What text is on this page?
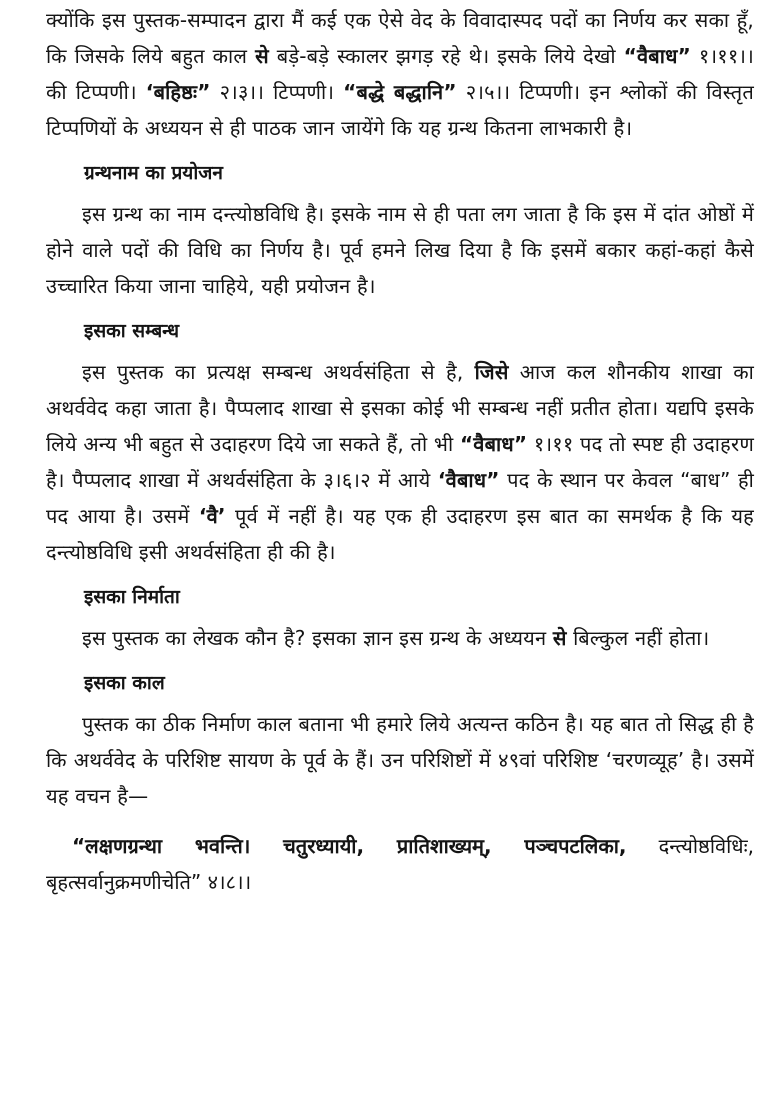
क्योंकि इस पुस्तक-सम्पादन द्वारा मैं कई एक ऐसे वेद के विवादास्पद पदों का निर्णय कर सका हूँ, कि जिसके लिये बहुत काल से बड़े-बड़े स्कालर झगड़ रहे थे। इसके लिये देखो “वैबाध” १।११।। की टिप्पणी। ‘बहिष्ठः” २।३।। टिप्पणी। “बद्धे बद्धानि” २।५।। टिप्पणी। इन श्लोकों की विस्तृत टिप्पणियों के अध्ययन से ही पाठक जान जायेंगे कि यह ग्रन्थ कितना लाभकारी है।

ग्रन्थनाम का प्रयोजन

इस ग्रन्थ का नाम दन्त्योष्ठविधि है। इसके नाम से ही पता लग जाता है कि इस में दांत ओष्ठों में होने वाले पदों की विधि का निर्णय है। पूर्व हमने लिख दिया है कि इसमें बकार कहां-कहां कैसे उच्चारित किया जाना चाहिये, यही प्रयोजन है।

इसका सम्बन्ध

इस पुस्तक का प्रत्यक्ष सम्बन्ध अथर्वसंहिता से है, जिसे आज कल शौनकीय शाखा का अथर्ववेद कहा जाता है। पैप्पलाद शाखा से इसका कोई भी सम्बन्ध नहीं प्रतीत होता। यद्यपि इसके लिये अन्य भी बहुत से उदाहरण दिये जा सकते हैं, तो भी “वैबाध” १।११ पद तो स्पष्ट ही उदाहरण है। पैप्पलाद शाखा में अथर्वसंहिता के ३।६।२ में आये ‘वैबाध” पद के स्थान पर केवल “बाध” ही पद आया है। उसमें ‘वै’ पूर्व में नहीं है। यह एक ही उदाहरण इस बात का समर्थक है कि यह दन्त्योष्ठविधि इसी अथर्वसंहिता ही की है।

इसका निर्माता

इस पुस्तक का लेखक कौन है? इसका ज्ञान इस ग्रन्थ के अध्ययन से बिल्कुल नहीं होता।

इसका काल

पुस्तक का ठीक निर्माण काल बताना भी हमारे लिये अत्यन्त कठिन है। यह बात तो सिद्ध ही है कि अथर्ववेद के परिशिष्ट सायण के पूर्व के हैं। उन परिशिष्टों में ४९वां परिशिष्ट ‘चरणव्यूह’ है। उसमें यह वचन है—

“लक्षणग्रन्था भवन्ति। चतुरध्यायी, प्रातिशाख्यम्, पञ्चपटलिका, दन्त्योष्ठविधिः, बृहत्सर्वानुक्रमणीचेति” ४।८।।
